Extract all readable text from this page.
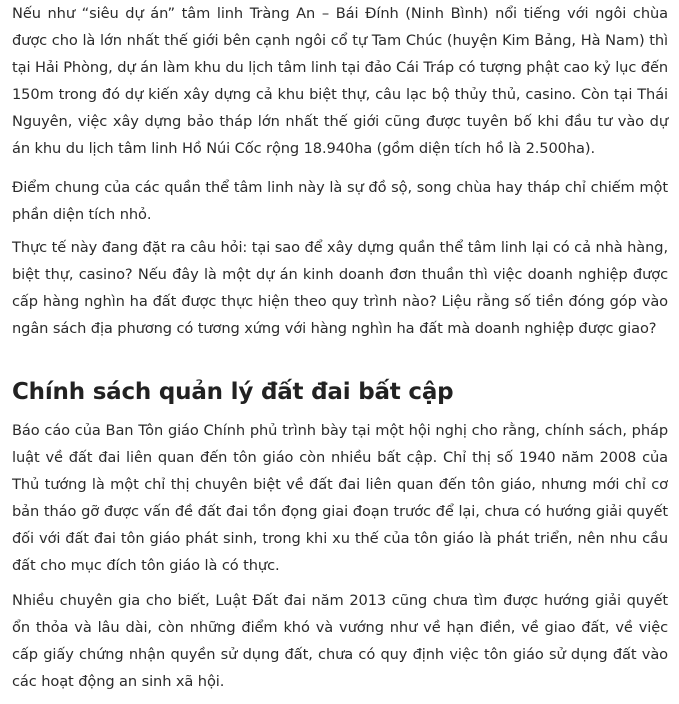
Nếu như “siêu dự án” tâm linh Tràng An – Bái Đính (Ninh Bình) nổi tiếng với ngôi chùa được cho là lớn nhất thế giới bên cạnh ngôi cổ tự Tam Chúc (huyện Kim Bảng, Hà Nam) thì tại Hải Phòng, dự án làm khu du lịch tâm linh tại đảo Cái Tráp có tượng phật cao kỷ lục đến 150m trong đó dự kiến xây dựng cả khu biệt thự, câu lạc bộ thủy thủ, casino. Còn tại Thái Nguyên, việc xây dựng bảo tháp lớn nhất thế giới cũng được tuyên bố khi đầu tư vào dự án khu du lịch tâm linh Hồ Núi Cốc rộng 18.940ha (gồm diện tích hồ là 2.500ha).

Điểm chung của các quần thể tâm linh này là sự đồ sộ, song chùa hay tháp chỉ chiếm một phần diện tích nhỏ.

Thực tế này đang đặt ra câu hỏi: tại sao để xây dựng quần thể tâm linh lại có cả nhà hàng, biệt thự, casino? Nếu đây là một dự án kinh doanh đơn thuần thì việc doanh nghiệp được cấp hàng nghìn ha đất được thực hiện theo quy trình nào? Liệu rằng số tiền đóng góp vào ngân sách địa phương có tương xứng với hàng nghìn ha đất mà doanh nghiệp được giao?

Chính sách quản lý đất đai bất cập

Báo cáo của Ban Tôn giáo Chính phủ trình bày tại một hội nghị cho rằng, chính sách, pháp luật về đất đai liên quan đến tôn giáo còn nhiều bất cập. Chỉ thị số 1940 năm 2008 của Thủ tướng là một chỉ thị chuyên biệt về đất đai liên quan đến tôn giáo, nhưng mới chỉ cơ bản tháo gỡ được vấn đề đất đai tồn đọng giai đoạn trước để lại, chưa có hướng giải quyết đối với đất đai tôn giáo phát sinh, trong khi xu thế của tôn giáo là phát triển, nên nhu cầu đất cho mục đích tôn giáo là có thực.

Nhiều chuyên gia cho biết, Luật Đất đai năm 2013 cũng chưa tìm được hướng giải quyết ổn thỏa và lâu dài, còn những điểm khó và vướng như về hạn điền, về giao đất, về việc cấp giấy chứng nhận quyền sử dụng đất, chưa có quy định việc tôn giáo sử dụng đất vào các hoạt động an sinh xã hội.
